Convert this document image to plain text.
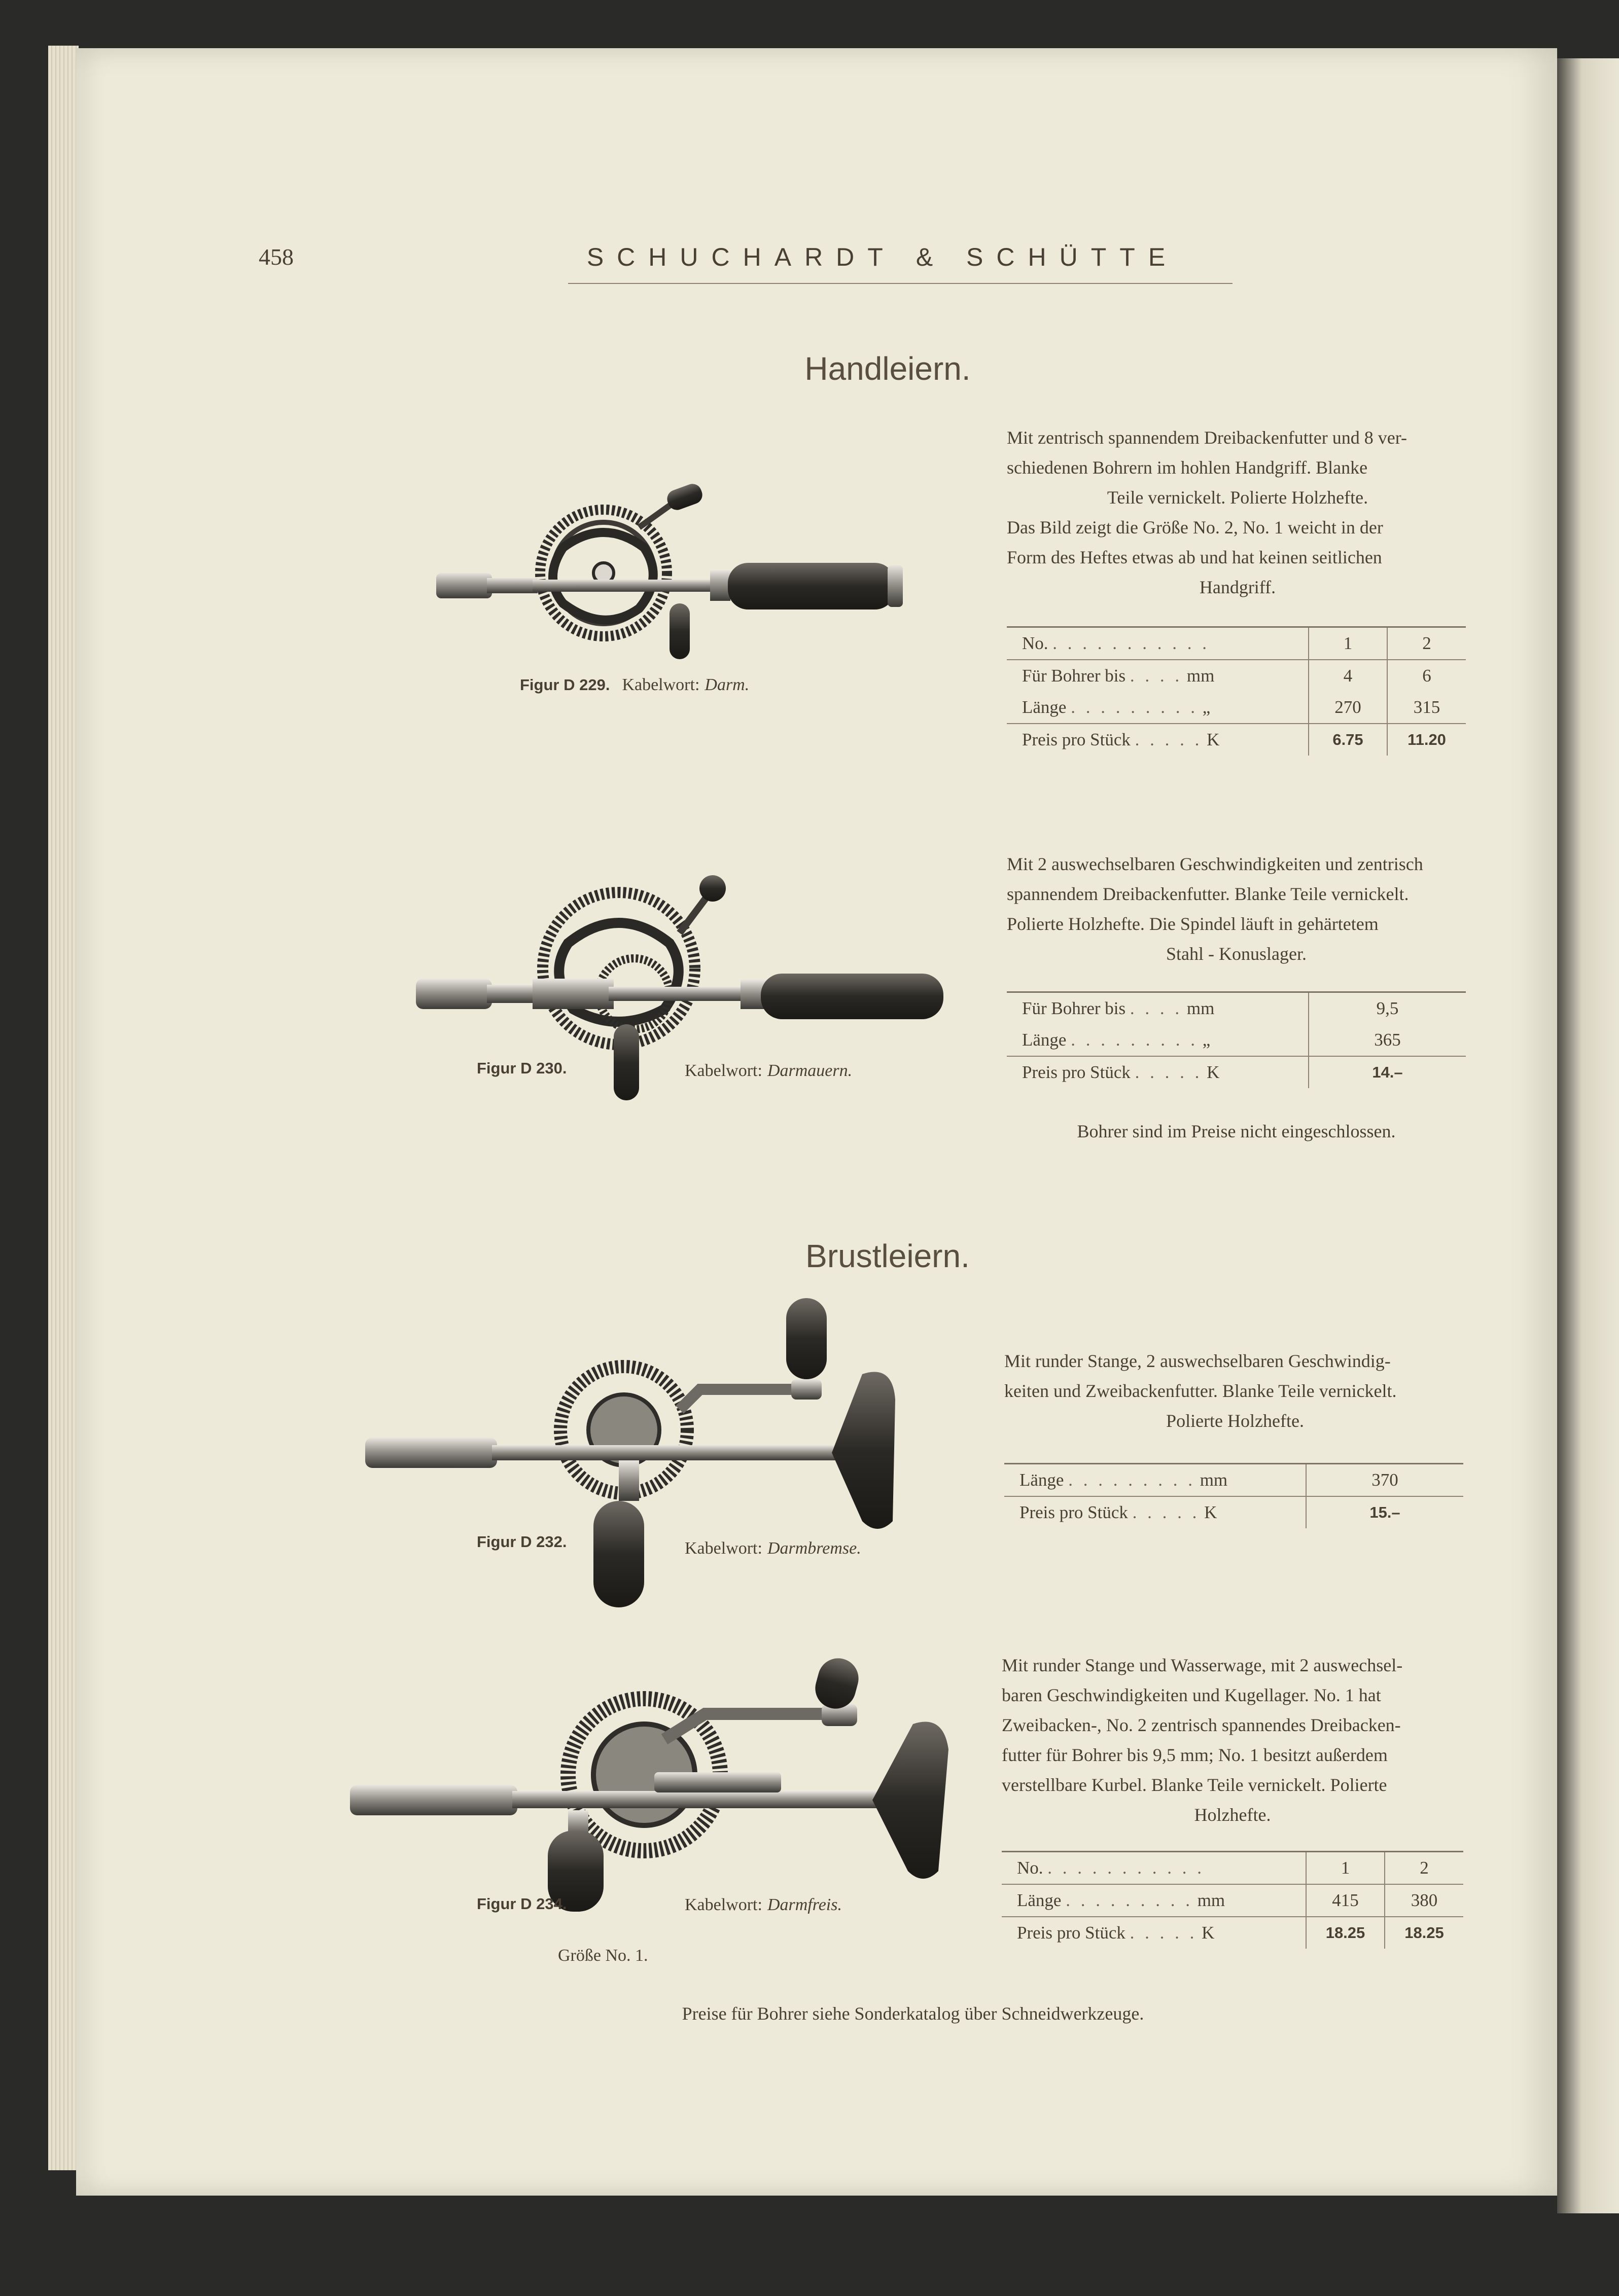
458	SCHUCHARDT & SCHÜTTE
Handleiern.
Figur D 229. Kabelwort: Darm.
Mit zentrisch spannendem Dreibackenfutter und 8 ver-
schiedenen Bohrern im hohlen Handgriff. Blanke
Teile vernickelt. Polierte Holzhefte.
Das Bild zeigt die Größe No. 2, No. 1 weicht in der
Form des Heftes etwas ab und hat keinen seitlichen
Handgriff.
No. . . . . . . . . . . .	1	2
Für Bohrer bis . . . . mm	4	6
Länge . . . . . . . . . „	270	315
Preis pro Stück . . . . . K	6.75	11.20
Figur D 230.	Kabelwort: Darmauern.
Mit 2 auswechselbaren Geschwindigkeiten und zentrisch
spannendem Dreibackenfutter. Blanke Teile vernickelt.
Polierte Holzhefte. Die Spindel läuft in gehärtetem
Stahl - Konuslager.
Für Bohrer bis . . . . mm	9,5
Länge . . . . . . . . . „	365
Preis pro Stück . . . . . K	14.–
Bohrer sind im Preise nicht eingeschlossen.
Brustleiern.
Figur D 232.	Kabelwort: Darmbremse.
Mit runder Stange, 2 auswechselbaren Geschwindig-
keiten und Zweibackenfutter. Blanke Teile vernickelt.
Polierte Holzhefte.
Länge . . . . . . . . . mm	370
Preis pro Stück . . . . . K	15.–
Figur D 234.	Kabelwort: Darmfreis.
Größe No. 1.
Mit runder Stange und Wasserwage, mit 2 auswechsel-
baren Geschwindigkeiten und Kugellager. No. 1 hat
Zweibacken-, No. 2 zentrisch spannendes Dreibacken-
futter für Bohrer bis 9,5 mm; No. 1 besitzt außerdem
verstellbare Kurbel. Blanke Teile vernickelt. Polierte
Holzhefte.
No. . . . . . . . . . . .	1	2
Länge . . . . . . . . . mm	415	380
Preis pro Stück . . . . . K	18.25	18.25
Preise für Bohrer siehe Sonderkatalog über Schneidwerkzeuge.
